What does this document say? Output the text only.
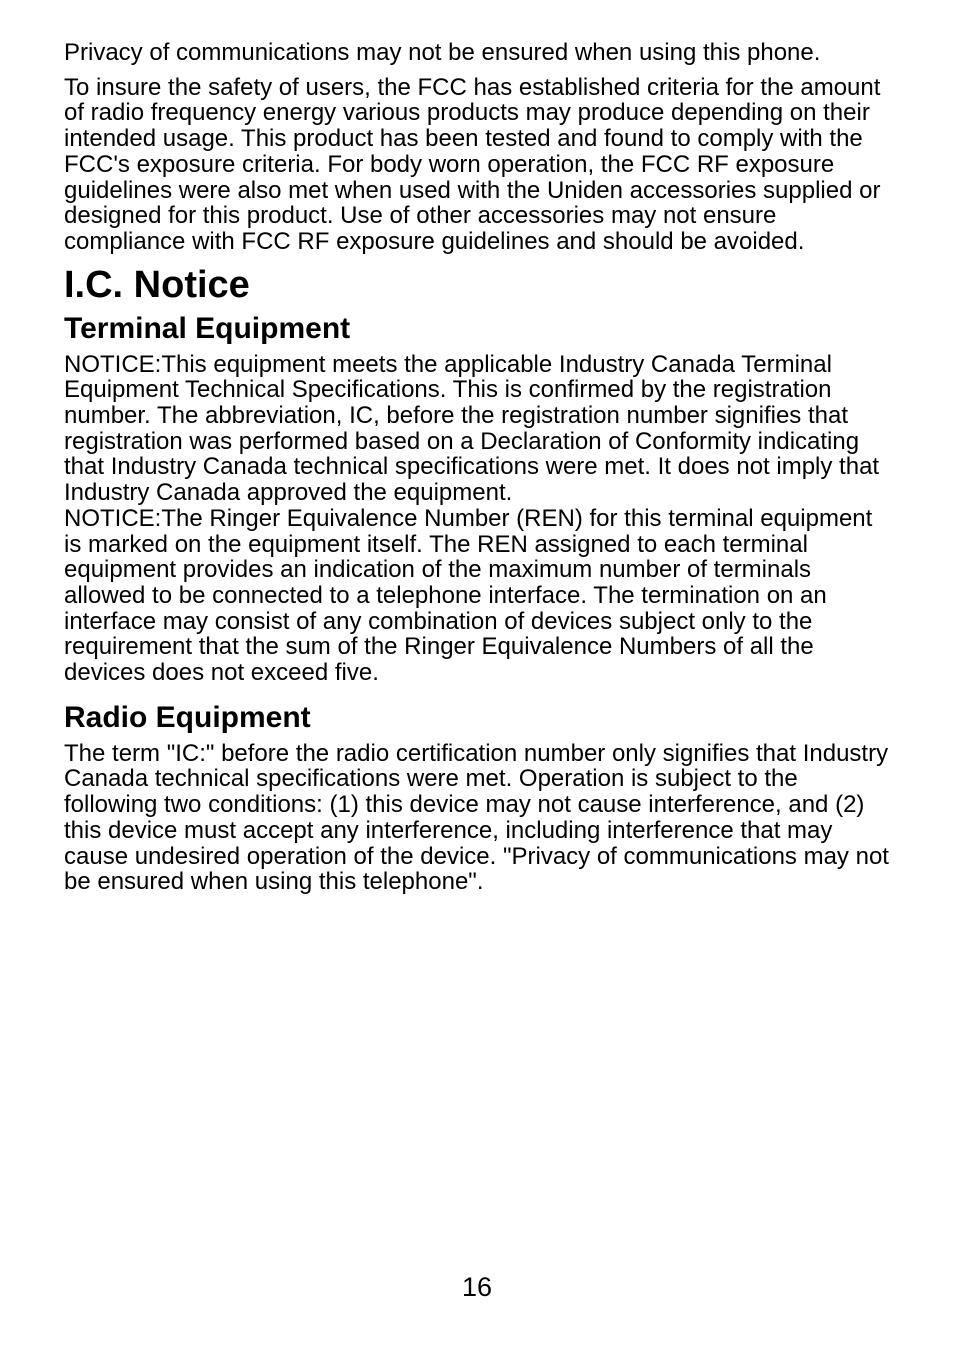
Privacy of communications may not be ensured when using this phone.

To insure the safety of users, the FCC has established criteria for the amount of radio frequency energy various products may produce depending on their intended usage. This product has been tested and found to comply with the FCC's exposure criteria. For body worn operation, the FCC RF exposure guidelines were also met when used with the Uniden accessories supplied or designed for this product. Use of other accessories may not ensure compliance with FCC RF exposure guidelines and should be avoided.

I.C. Notice
Terminal Equipment

NOTICE:This equipment meets the applicable Industry Canada Terminal Equipment Technical Specifications. This is confirmed by the registration number. The abbreviation, IC, before the registration number signifies that registration was performed based on a Declaration of Conformity indicating that Industry Canada technical specifications were met. It does not imply that Industry Canada approved the equipment.

NOTICE:The Ringer Equivalence Number (REN) for this terminal equipment is marked on the equipment itself. The REN assigned to each terminal equipment provides an indication of the maximum number of terminals allowed to be connected to a telephone interface. The termination on an interface may consist of any combination of devices subject only to the requirement that the sum of the Ringer Equivalence Numbers of all the devices does not exceed five.

Radio Equipment

The term "IC:" before the radio certification number only signifies that Industry Canada technical specifications were met. Operation is subject to the following two conditions: (1) this device may not cause interference, and (2) this device must accept any interference, including interference that may cause undesired operation of the device. "Privacy of communications may not be ensured when using this telephone".

16
